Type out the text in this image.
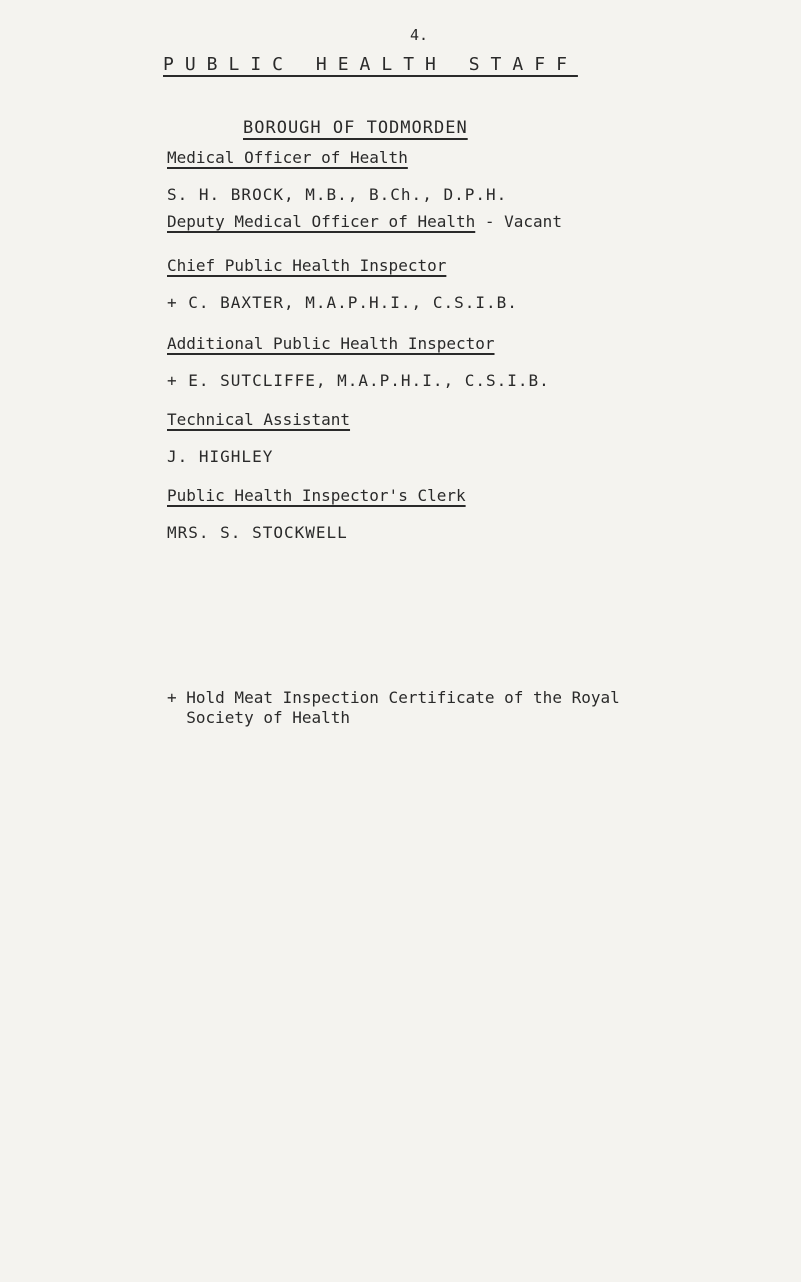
4.
PUBLIC HEALTH STAFF
BOROUGH OF TODMORDEN

Medical Officer of Health

S. H. BROCK, M.B., B.Ch., D.P.H.

Deputy Medical Officer of Health - Vacant

Chief Public Health Inspector

+ C. BAXTER, M.A.P.H.I., C.S.I.B.

Additional Public Health Inspector

+ E. SUTCLIFFE, M.A.P.H.I., C.S.I.B.

Technical Assistant

J. HIGHLEY

Public Health Inspector's Clerk

MRS. S. STOCKWELL

+ Hold Meat Inspection Certificate of the Royal
Society of Health
